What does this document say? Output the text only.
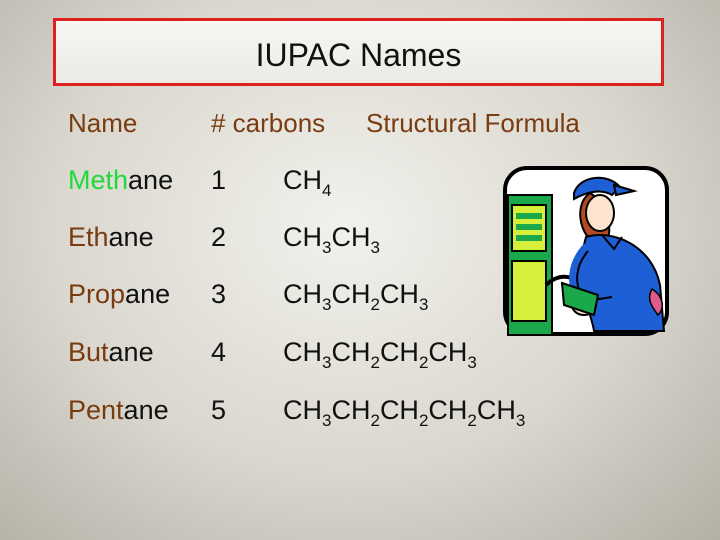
IUPAC Names
Name	# carbons Structural Formula
Methane 1 $CH_4$
Ethane 2 $CH_3CH_3$
Propane 3 $CH_3CH_2CH_3$
Butane 4 $CH_3CH_2CH_2CH_3$
Pentane 5 $CH_3CH_2CH_2CH_2CH_3$
